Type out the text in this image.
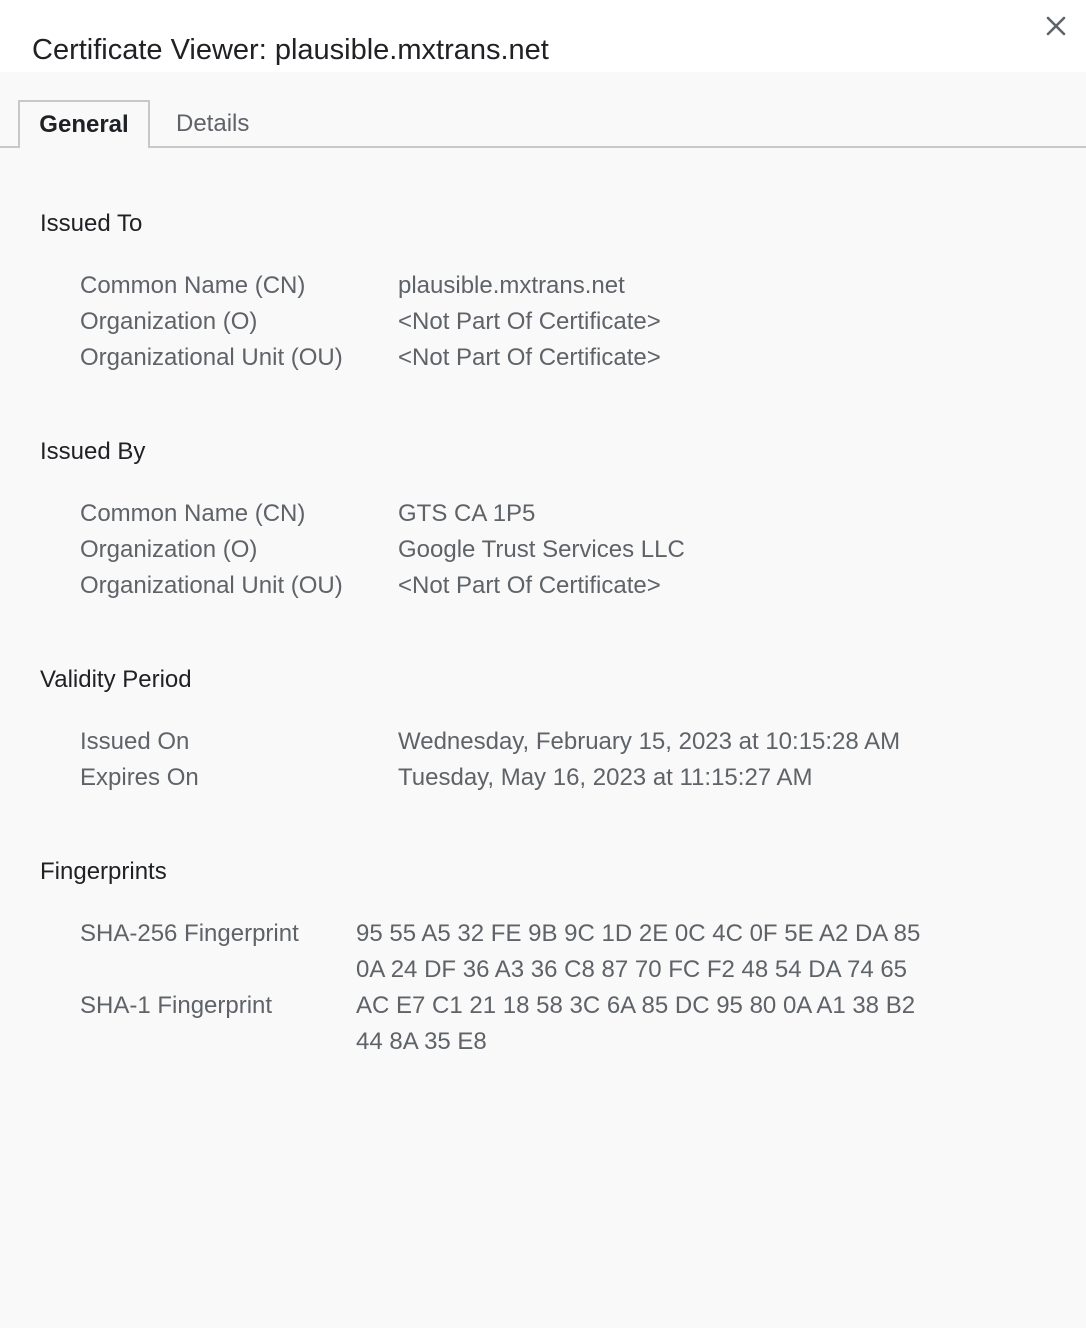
Certificate Viewer: plausible.mxtrans.net
General	Details
Issued To
Common Name (CN)	plausible.mxtrans.net
Organization (O)	<Not Part Of Certificate>
Organizational Unit (OU) <Not Part Of Certificate>
Issued By
Common Name (CN)	GTS CA 1P5
Organization (O)	Google Trust Services LLC
Organizational Unit (OU) <Not Part Of Certificate>
Validity Period
Issued On	Wednesday, February 15, 2023 at 10:15:28 AM
Expires On	Tuesday, May 16, 2023 at 11:15:27 AM
Fingerprints
SHA-256 Fingerprint 95 55 A5 32 FE 9B 9C 1D 2E 0C 4C 0F 5E A2 DA 85
0A 24 DF 36 A3 36 C8 87 70 FC F2 48 54 DA 74 65
SHA-1 Fingerprint	AC E7 C1 21 18 58 3C 6A 85 DC 95 80 0A A1 38 B2
44 8A 35 E8
